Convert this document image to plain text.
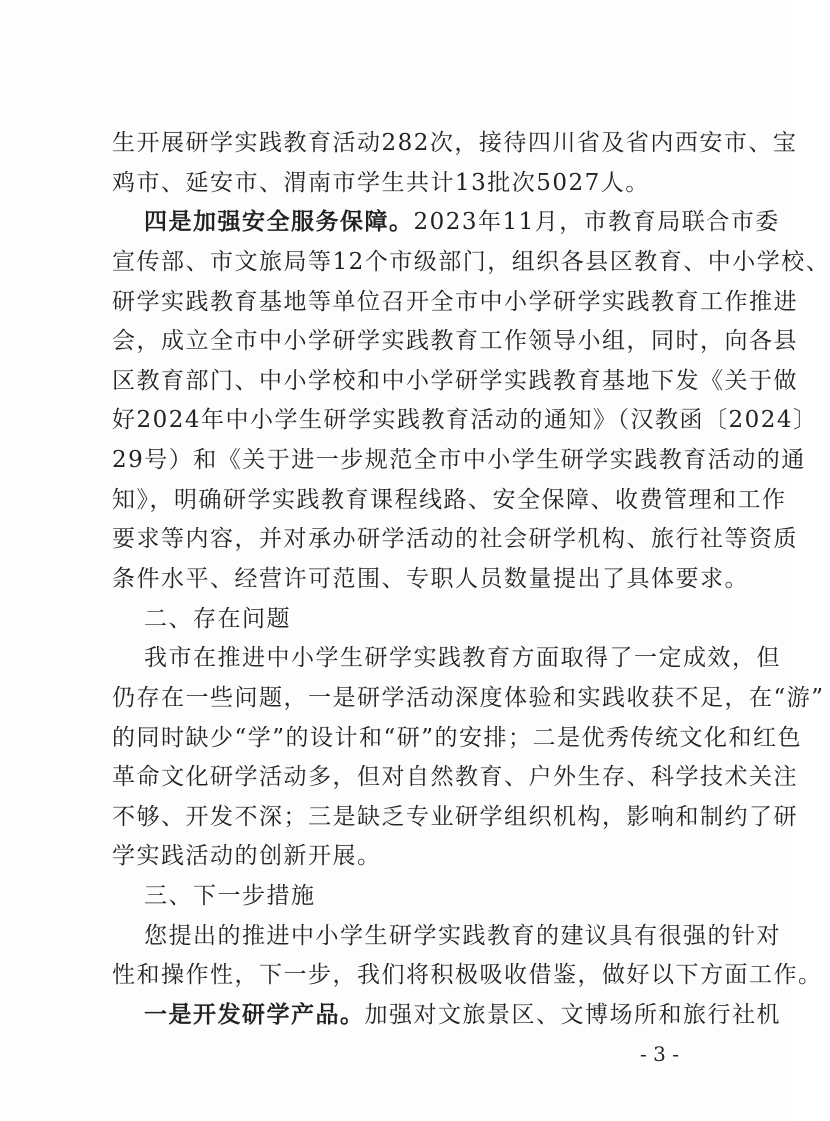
生开展研学实践教育活动282次，接待四川省及省内西安市、宝
鸡市、延安市、渭南市学生共计13批次5027人。
四是加强安全服务保障。2023年11月，市教育局联合市委
宣传部、市文旅局等12个市级部门，组织各县区教育、中小学校、
研学实践教育基地等单位召开全市中小学研学实践教育工作推进
会，成立全市中小学研学实践教育工作领导小组，同时，向各县
区教育部门、中小学校和中小学研学实践教育基地下发《关于做
好2024年中小学生研学实践教育活动的通知》（汉教函〔2024〕
29号）和《关于进一步规范全市中小学生研学实践教育活动的通
知》，明确研学实践教育课程线路、安全保障、收费管理和工作
要求等内容，并对承办研学活动的社会研学机构、旅行社等资质
条件水平、经营许可范围、专职人员数量提出了具体要求。
二、存在问题
我市在推进中小学生研学实践教育方面取得了一定成效，但
仍存在一些问题，一是研学活动深度体验和实践收获不足，在“游”
的同时缺少“学”的设计和“研”的安排；二是优秀传统文化和红色
革命文化研学活动多，但对自然教育、户外生存、科学技术关注
不够、开发不深；三是缺乏专业研学组织机构，影响和制约了研
学实践活动的创新开展。
三、下一步措施
您提出的推进中小学生研学实践教育的建议具有很强的针对
性和操作性，下一步，我们将积极吸收借鉴，做好以下方面工作。
一是开发研学产品。加强对文旅景区、文博场所和旅行社机
- 3 -
